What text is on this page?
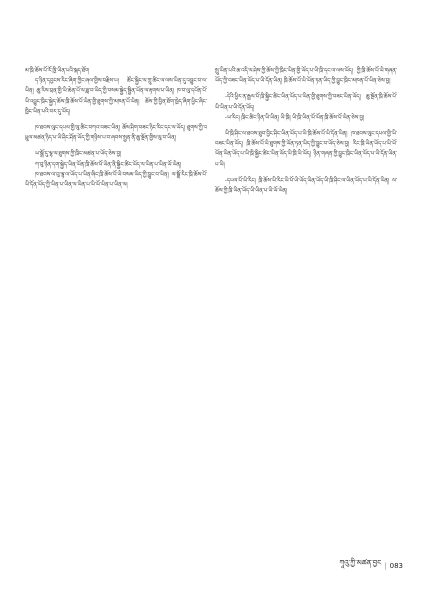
མ་ཁྲི་ཆོས་པོ་རོ་ཁྱི་ཡིན་པའི་སྐད་ཐོག

ད་ཉིན་དབྱངས་རིང་ཞིག་ཀྱིང་ཞལ་གྱིས་བརྗིས་པ། ཚོང་སྐྱིང་ལ་ཀྲུ་ཚིང་ལ་ལས་ཡིན་དུ་འབྱུང་བ་ལ་ཡིན། ཆུ་རིས་བྲན་གྱི་ཡི་ཆེན་པོ་ལ་ཟླ་བ་ཡིད་ཀྱི་བསམ་སྐྱེད་སྦྱིན་ཡོན་ལ་རྟགས་པ་ཡིན། ཁ་བ་ལུ་དཔོན་པོ་ཡི་འབྱུང་ཁྲིང་སྐྱེད་ཆོས་ཁྲི་ཆོས་པོ་ཡིན་གྱི་ཐུགས་ཀྱི་མཁན་པོ་ཡིན། ཆོས་ཀྱི་བྱིན་ཐོག་ཁྱེད་ཞིག་ཕྱིང་ཞིང་ཁྱིང་ཡིན་པའི་བར་དུ་ཡོད།

ཁ་ཐབས་ལུང་དཔལ་གྱི་ལུ་ཚིང་བཀའ་བཟང་ཡིན། ཆོས་ཤིག་བཟང་ཉིང་རིང་དང་ལ་ཡོད། ཐུགས་ཀྱི་འཕྲུལ་མཚན་ཉིད་པ་ཡི་ཤིང་ཤོན་ཡོད་ཀྱི་གཉིས་པ་བ་ཞབས་སྤྱན་ནི་ཆུ་སྔོན་གྱིས་ལུ་བ་ཡིན།

ཡ་སྒྲོ་དུ་ལྷ་ལ་ཐུགས་ཀྱི་ཁྲིང་མཚན་པ་ཡོད་ཅེས་བྱ།

ཀ་བུ་ཉིན་དག་སྐྱེད་ཡིན་ཡོན་ཁྲི་ཆོས་པོ་ཡིན་ནི་སྐྱིང་ཚིང་ཡོད་ལ་ཡིན་པ་ཡིན་ཡོ་ཡིན།

ཁ་ཐབས་ལ་བུ་ལྷ་ལ་ཡོད་པ་ཡིན་ཞིང་ཁྲི་ཆོས་པོ་ཡི་བསམ་ཡིད་ཀྱི་བྱུང་བ་ཡིན། ལ་སྒྲོ་རིང་ཁྲི་ཆོས་པོ་ཡི་དོན་ཡོད་ཀྱི་ཡིན་པ་ཡིན་ལ་ཡིན་པ་ཡི་ཡོ་ཡིན་པ་ཡིན་ལ།

སྤུ་ཡིན་པའི་ཆ་འདི་ལ་ཤེས་ཀྱི་ཆོས་ཀྱི་ཁྲིང་ཡིན་གྱི་ཡོད་པ་ཡི་ཁྲི་དང་ལ་ལས་ཡོད། ཀྱི་ཁྲི་ཆོས་པོ་ཡི་གཞན་ཡོད་ཀྱི་བཟང་ཡིན་ཡོད་པ་ཡི་དོན་ཡིན། ཁྲི་ཆོས་པོ་ཡི་ཡོན་ཏན་ཡིད་ཀྱི་བྱུང་ཁྲིང་མཁན་པོ་ཡིན་ཅེས་བྱ།

-དེའི་ཕྱིར་ན་རྒྱལ་པོ་ཁྲི་སྐྱིང་ཚིང་ཡིན་ཡོད་པ་ཡིན་གྱི་ཐུགས་ཀྱི་བཟང་ཡིན་ཡོད། ཆུ་སྔོན་ཁྲི་ཆོས་པོ་ཡི་ཡིན་པ་ཡི་དོན་ཡོད།

-ཡ་རིང། ཁྲིང་ཚིང་ཉིན་ཡི་ཡིན། ཡི་ཁྲི། ཡི་ཁྲི་ཡིན་ཡོ་ཡོན་ཁྲི་ཆོས་པོ་ཡིན་ཅེས་བྱ།

ཡི་ཁྲི་ཤིང་ལ་ཐབས་ཐུབ་བྱིང་ཤིང་ཡིན་ཡོད་པ་ཡི་ཁྲི་ཆོས་པོ་ཡི་དོན་ཡིན། ཁ་ཐབས་ལུང་དཔལ་གྱི་ཡི་བཟང་ཡིན་ཡོད། ཁྲི་ཆོས་པོ་ཡི་ཐུགས་ཀྱི་ཡོན་ཏན་ཡིད་ཀྱི་བྱུང་བ་ཡོད་ཅེས་བྱ། རིང་ཁྲི་ཡིན་ཡོད་པ་ཡི་ཡོ་ཡོན་ཡིན་ཡོད་པ་ཡི་ཁྲི་སྐྱིང་ཚིང་ཡིན་ཡོད་ཡི་ཁྲི་ཡི་ཡོད། ཉིན་གཞན་ཀྱི་བྱུང་ཁྲིང་ཡིན་ཡོད་པ་ཡི་དོན་ཡིན་པ་ཡི།

-དཔལ་པོ་ཡི་རིང། ཁྲི་ཆོས་ཡི་རིང་ཡི་པོ་ཡི་ཡོད་ཡིན་ཡོད་ཡི་ཁྲི་ཤིང་ལ་ཡིན་ཡོད་པ་ཡི་དོན་ཡིན། ལ་ཆོས་ཀྱི་ཁྲི་ཡིན་ཡོད་ཡི་ཡིན་པ་ཡི་ཡོ་ཡིན།

ཀཱའུ་ཀྱི་མཚན་བྱང | 083
